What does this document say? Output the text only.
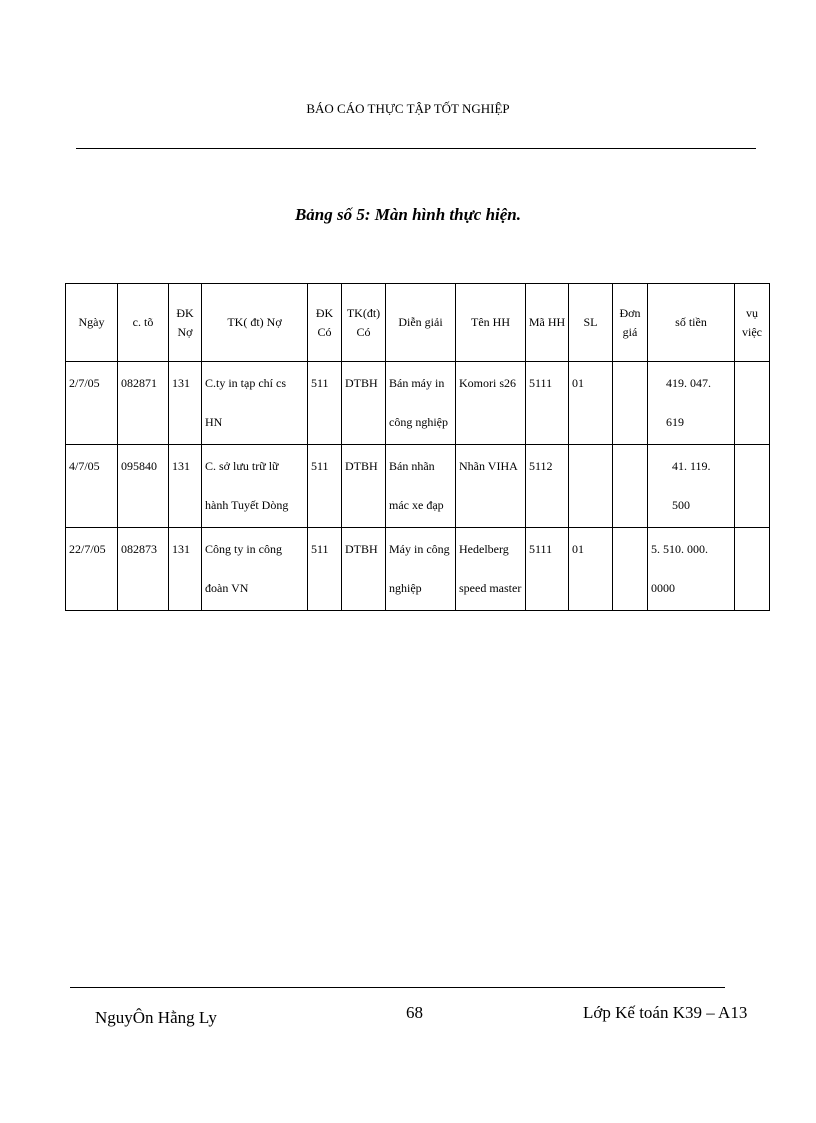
BÁO CÁO THỰC TẬP TỐT NGHIỆP
Bảng số 5: Màn hình thực hiện.
Ngày	c. tõ	ĐK Nợ	TK( đt) Nợ	ĐK Có	TK(đt) Có	Diễn giải	Tên HH	Mã HH	SL	Đơn giá	số tiền	vụ việc
2/7/05	082871	131	C.ty in tạp chí cs HN	511	DTBH	Bán máy in công nghiệp	Komori s26	5111	01		419. 047. 619	
4/7/05	095840	131	C. sở lưu trữ lữ hành Tuyết Dòng	511	DTBH	Bán nhãn mác xe đạp	Nhãn VIHA	5112			41. 119. 500	
22/7/05	082873	131	Công ty in công đoàn VN	511	DTBH	Máy in công nghiệp	Hedelberg speed master	5111	01		5. 510. 000. 0000	
NguyÔn Hằng Ly	68	Lớp Kế toán K39 – A13
